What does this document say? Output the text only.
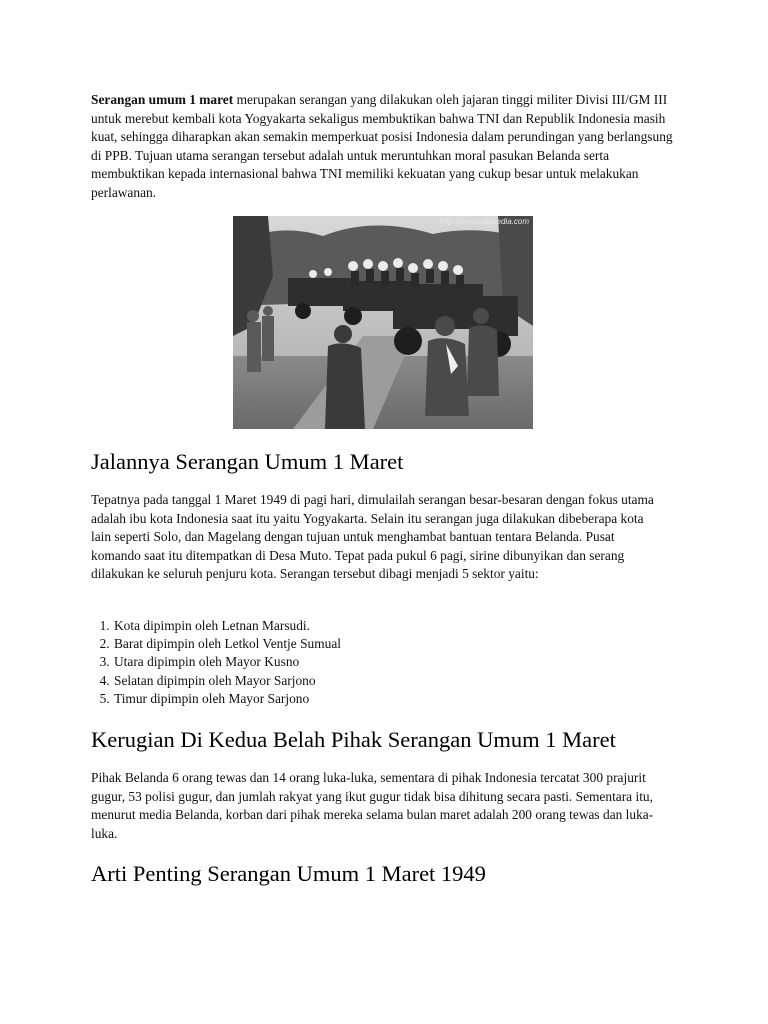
Serangan umum 1 maret merupakan serangan yang dilakukan oleh jajaran tinggi militer Divisi III/GM III untuk merebut kembali kota Yogyakarta sekaligus membuktikan bahwa TNI dan Republik Indonesia masih kuat, sehingga diharapkan akan semakin memperkuat posisi Indonesia dalam perundingan yang berlangsung di PPB. Tujuan utama serangan tersebut adalah untuk meruntuhkan moral pasukan Belanda serta membuktikan kepada internasional bahwa TNI memiliki kekuatan yang cukup besar untuk melakukan perlawanan.

Jalannya Serangan Umum 1 Maret

Tepatnya pada tanggal 1 Maret 1949 di pagi hari, dimulailah serangan besar-besaran dengan fokus utama adalah ibu kota Indonesia saat itu yaitu Yogyakarta. Selain itu serangan juga dilakukan dibeberapa kota lain seperti Solo, dan Magelang dengan tujuan untuk menghambat bantuan tentara Belanda. Pusat komando saat itu ditempatkan di Desa Muto. Tepat pada pukul 6 pagi, sirine dibunyikan dan serang dilakukan ke seluruh penjuru kota. Serangan tersebut dibagi menjadi 5 sektor yaitu:

1. Kota dipimpin oleh Letnan Marsudi.
2. Barat dipimpin oleh Letkol Ventje Sumual
3. Utara dipimpin oleh Mayor Kusno
4. Selatan dipimpin oleh Mayor Sarjono
5. Timur dipimpin oleh Mayor Sarjono
Kerugian Di Kedua Belah Pihak Serangan Umum 1 Maret

Pihak Belanda 6 orang tewas dan 14 orang luka-luka, sementara di pihak Indonesia tercatat 300 prajurit gugur, 53 polisi gugur, dan jumlah rakyat yang ikut gugur tidak bisa dihitung secara pasti. Sementara itu, menurut media Belanda, korban dari pihak mereka selama bulan maret adalah 200 orang tewas dan luka-luka.

Arti Penting Serangan Umum 1 Maret 1949
http://www.wikipedia.com
